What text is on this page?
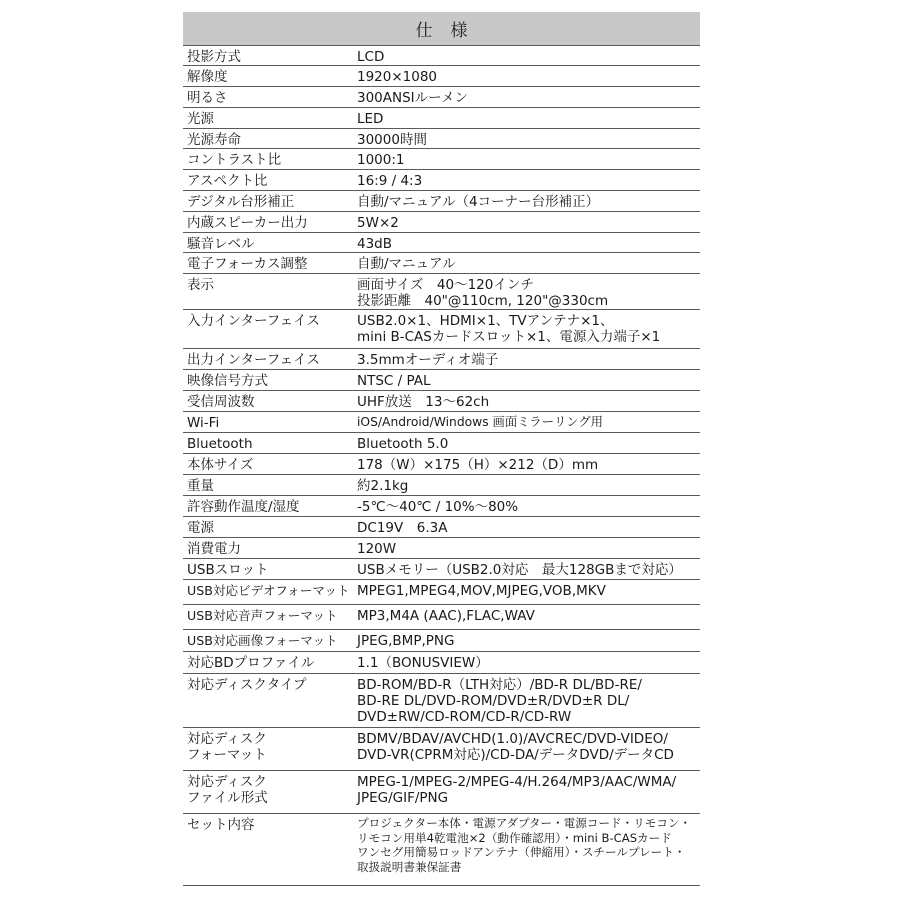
仕様
投影方式	LCD

解像度	1920×1080

明るさ	300ANSIルーメン

光源	LED

光源寿命	30000時間

コントラスト比	1000:1

アスペクト比	16:9 / 4:3

デジタル台形補正	自動/マニュアル（4コーナー台形補正）

内蔵スピーカー出力	5W×2

騒音レベル	43dB

電子フォーカス調整	自動/マニュアル

表示	画面サイズ　40～120インチ
投影距離　40"@110cm, 120"@330cm

入力インターフェイス	USB2.0×1、HDMI×1、TVアンテナ×1、
mini B-CASカードスロット×1、電源入力端子×1

出力インターフェイス	3.5mmオーディオ端子

映像信号方式	NTSC / PAL

受信周波数	UHF放送　13～62ch

Wi-Fi	iOS/Android/Windows 画面ミラーリング用

Bluetooth	Bluetooth 5.0

本体サイズ	178（W）×175（H）×212（D）mm

重量	約2.1kg

許容動作温度/湿度	-5℃～40℃ / 10%～80%

電源	DC19V　6.3A

消費電力	120W

USBスロット	USBメモリー（USB2.0対応　最大128GBまで対応）

USB対応ビデオフォーマット	MPEG1,MPEG4,MOV,MJPEG,VOB,MKV

USB対応音声フォーマット	MP3,M4A (AAC),FLAC,WAV

USB対応画像フォーマット	JPEG,BMP,PNG

対応BDプロファイル	1.1（BONUSVIEW）

対応ディスクタイプ	BD-ROM/BD-R（LTH対応）/BD-R DL/BD-RE/
BD-RE DL/DVD-ROM/DVD±R/DVD±R DL/
DVD±RW/CD-ROM/CD-R/CD-RW

対応ディスク
フォーマット	BDMV/BDAV/AVCHD(1.0)/AVCREC/DVD-VIDEO/
DVD-VR(CPRM対応)/CD-DA/データDVD/データCD

対応ディスク
ファイル形式	MPEG-1/MPEG-2/MPEG-4/H.264/MP3/AAC/WMA/
JPEG/GIF/PNG

セット内容	プロジェクター本体・電源アダプター・電源コード・リモコン・
リモコン用単4乾電池×2（動作確認用）・mini B-CASカード
ワンセグ用簡易ロッドアンテナ（伸縮用）・スチールプレート・
取扱説明書兼保証書
